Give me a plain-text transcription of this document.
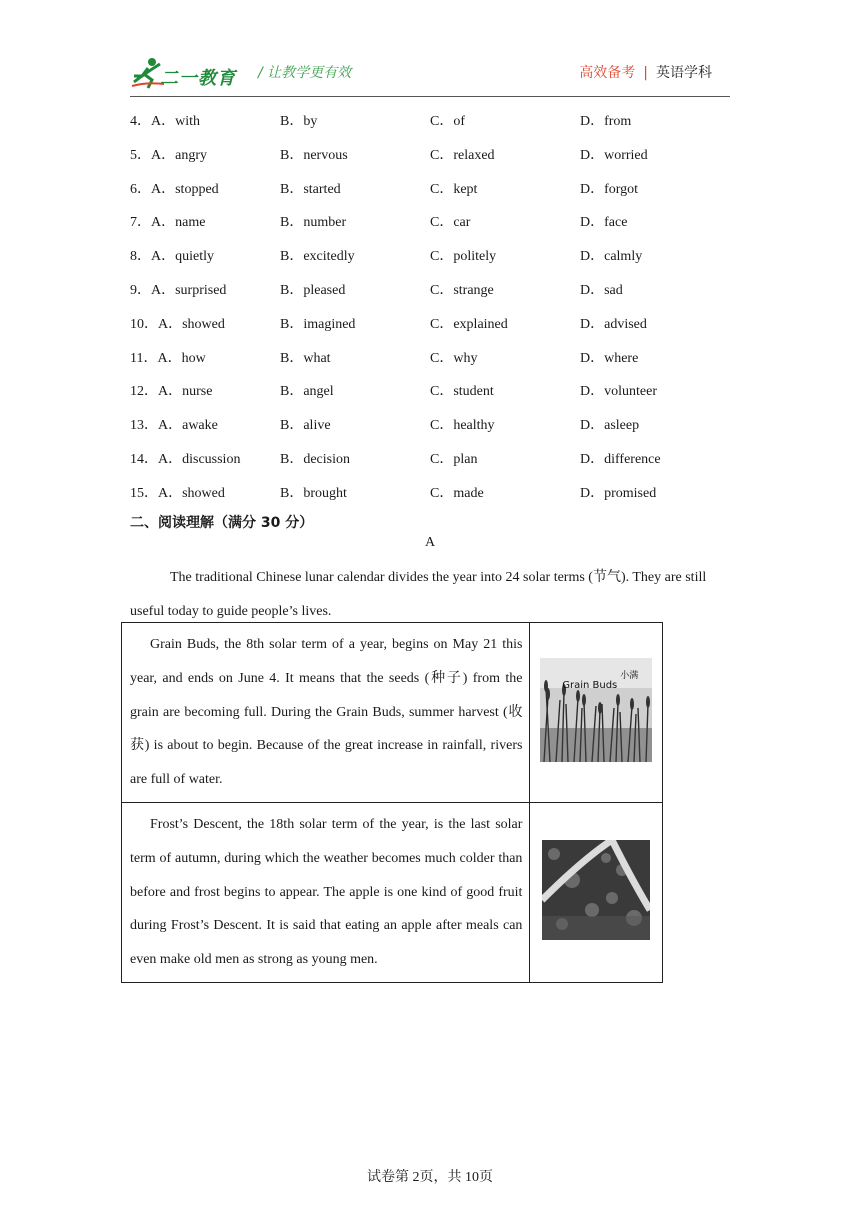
二一教育 / 让教学更有效	高效备考 | 英语学科
4．A．with	B．by	C．of	D．from
5．A．angry	B．nervous	C．relaxed	D．worried
6．A．stopped	B．started	C．kept	D．forgot
7．A．name	B．number	C．car	D．face
8．A．quietly	B．excitedly	C．politely	D．calmly
9．A．surprised	B．pleased	C．strange	D．sad
10．A．showed	B．imagined	C．explained	D．advised
11．A．how	B．what	C．why	D．where
12．A．nurse	B．angel	C．student	D．volunteer
13．A．awake	B．alive	C．healthy	D．asleep
14．A．discussion	B．decision	C．plan	D．difference
15．A．showed	B．brought	C．made	D．promised
二、阅读理解（满分 30 分）
A
The traditional Chinese lunar calendar divides the year into 24 solar terms (节气). They are still useful today to guide people’s lives.
Grain Buds, the 8th solar term of a year, begins on May 21 this year, and ends on June 4. It means that the seeds (种子) from the grain are becoming full. During the Grain Buds, summer harvest (收获) is about to begin. Because of the great increase in rainfall, rivers are full of water.	小满
Grain Buds

Frost’s Descent, the 18th solar term of the year, is the last solar term of autumn, during which the weather becomes much colder than before and frost begins to appear. The apple is one kind of good fruit during Frost’s Descent. It is said that eating an apple after meals can even make old men as strong as young men.	
试卷第 2页，共 10页
